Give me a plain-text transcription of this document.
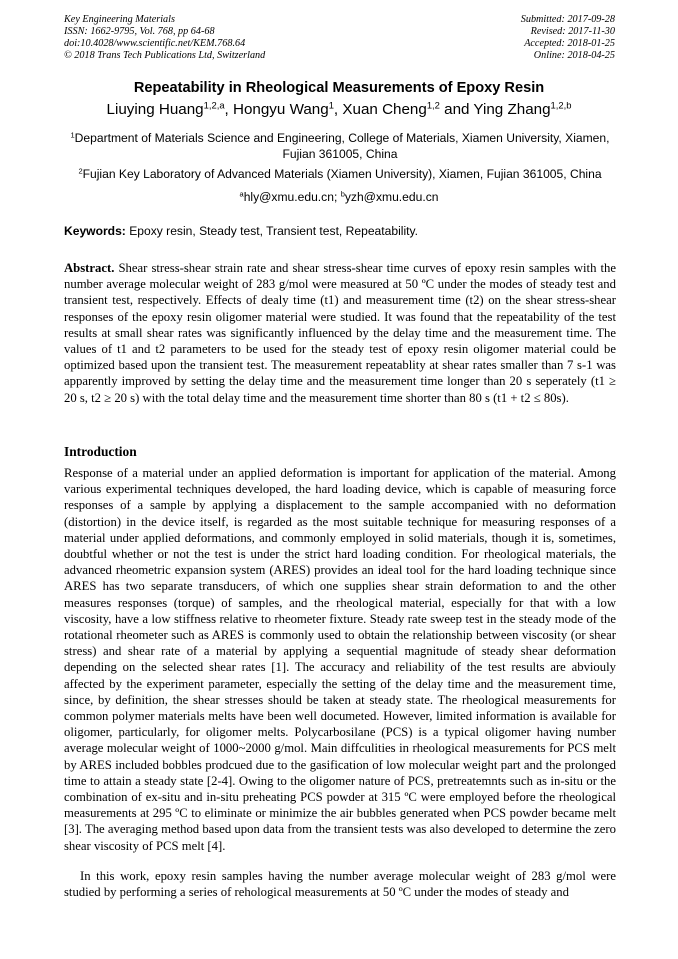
Key Engineering Materials
ISSN: 1662-9795, Vol. 768, pp 64-68
doi:10.4028/www.scientific.net/KEM.768.64
© 2018 Trans Tech Publications Ltd, Switzerland
Submitted: 2017-09-28
Revised: 2017-11-30
Accepted: 2018-01-25
Online: 2018-04-25
Repeatability in Rheological Measurements of Epoxy Resin
Liuying Huang$^{1,2,a}$, Hongyu Wang$^1$, Xuan Cheng$^{1,2}$ and Ying Zhang$^{1,2,b}$
$^1$Department of Materials Science and Engineering, College of Materials, Xiamen University, Xiamen, Fujian 361005, China
$^2$Fujian Key Laboratory of Advanced Materials (Xiamen University), Xiamen, Fujian 361005, China
$^a$hly@xmu.edu.cn; $^b$yzh@xmu.edu.cn
Keywords: Epoxy resin, Steady test, Transient test, Repeatability.

Abstract. Shear stress-shear strain rate and shear stress-shear time curves of epoxy resin samples with the number average molecular weight of 283 g/mol were measured at 50 ºC under the modes of steady test and transient test, respectively. Effects of dealy time (t1) and measurement time (t2) on the shear stress-shear responses of the epoxy resin oligomer material were studied. It was found that the repeatability of the test results at small shear rates was significantly influenced by the delay time and the measurement time. The values of t1 and t2 parameters to be used for the steady test of epoxy resin oligomer material could be optimized based upon the transient test. The measurement repeatablity at shear rates smaller than 7 s-1 was apparently improved by setting the delay time and the measurement time longer than 20 s seperately (t1 ≥ 20 s, t2 ≥ 20 s) with the total delay time and the measurement time shorter than 80 s (t1 + t2 ≤ 80s).

Introduction

Response of a material under an applied deformation is important for application of the material. Among various experimental techniques developed, the hard loading device, which is capable of measuring force responses of a sample by applying a displacement to the sample accompanied with no deformation (distortion) in the device itself, is regarded as the most suitable technique for measuring responses of a material under applied deformations, and commonly employed in solid materials, though it is, sometimes, doubtful whether or not the test is under the strict hard loading condition. For rheological materials, the advanced rheometric expansion system (ARES) provides an ideal tool for the hard loading technique since ARES has two separate transducers, of which one supplies shear strain deformation to and the other measures responses (torque) of samples, and the rheological material, especially for that with a low viscosity, have a low stiffness relative to rheometer fixture. Steady rate sweep test in the steady mode of the rotational rheometer such as ARES is commonly used to obtain the relationship between viscosity (or shear stress) and shear rate of a material by applying a sequential magnitude of steady shear deformation depending on the selected shear rates [1]. The accuracy and reliability of the test results are abviouly affected by the experiment parameter, especially the setting of the delay time and the measurement time, since, by definition, the shear stresses should be taken at steady state. The rheological measurements for common polymer materials melts have been well documeted. However, limited information is available for oligomer, particularly, for oligomer melts. Polycarbosilane (PCS) is a typical oligomer having number average molecular weight of 1000~2000 g/mol. Main diffculities in rheological measurements for PCS melt by ARES included bobbles prodcued due to the gasification of low molecular weight part and the prolonged time to attain a steady state [2-4]. Owing to the oligomer nature of PCS, pretreatemnts such as in-situ or the combination of ex-situ and in-situ preheating PCS powder at 315 ºC were employed before the rheological measurements at 295 ºC to eliminate or minimize the air bubbles generated when PCS powder became melt [3]. The averaging method based upon data from the transient tests was also developed to determine the zero shear viscosity of PCS melt [4].

In this work, epoxy resin samples having the number average molecular weight of 283 g/mol were studied by performing a series of rehological measurements at 50 ºC under the modes of steady and
